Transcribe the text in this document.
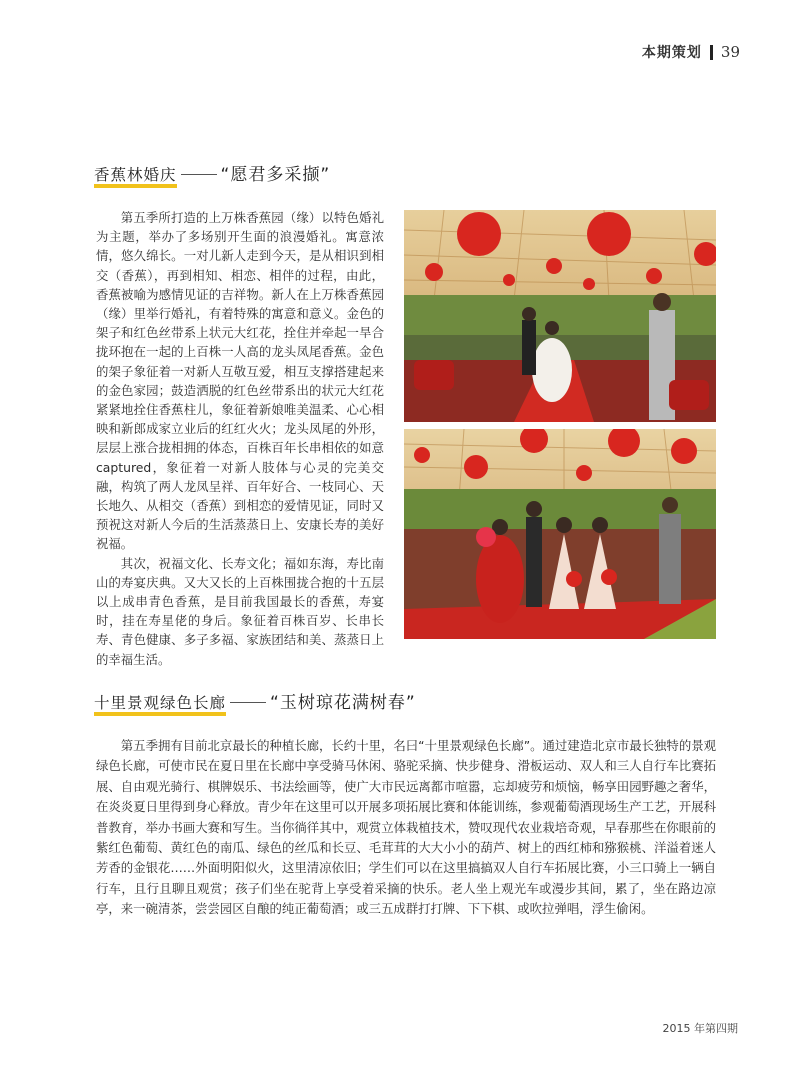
本期策划 39
香蕉林婚庆	“愿君多采撷”

第五季所打造的上万株香蕉园（缘）以特色婚礼为主题，举办了多场别开生面的浪漫婚礼。寓意浓情，悠久绵长。一对儿新人走到今天，是从相识到相交（香蕉），再到相知、相恋、相伴的过程，由此，香蕉被喻为感情见证的吉祥物。新人在上万株香蕉园（缘）里举行婚礼，有着特殊的寓意和意义。金色的架子和红色丝带系上状元大红花，拴住并牵起一旱合拢环抱在一起的上百株一人高的龙头凤尾香蕉。金色的架子象征着一对新人互敬互爱，相互支撑搭建起来的金色家园；鼓造洒脱的红色丝带系出的状元大红花紧紧地拴住香蕉柱儿，象征着新娘唯美温柔、心心相映和新郎成家立业后的红红火火；龙头凤尾的外形，层层上涨合拢相拥的体态，百株百年长串相依的如意captured，象征着一对新人肢体与心灵的完美交融，构筑了两人龙凤呈祥、百年好合、一枝同心、天长地久、从相交（香蕉）到相恋的爱情见证，同时又预祝这对新人今后的生活蒸蒸日上、安康长寿的美好祝福。

其次，祝福文化、长寿文化；福如东海，寿比南山的寿宴庆典。又大又长的上百株围拢合抱的十五层以上成串青色香蕉，是目前我国最长的香蕉，寿宴时，挂在寿星佬的身后。象征着百株百岁、长串长寿、青色健康、多子多福、家族团结和美、蒸蒸日上的幸福生活。

十里景观绿色长廊	“玉树琼花满树春”

第五季拥有目前北京最长的种植长廊，长约十里，名曰“十里景观绿色长廊”。通过建造北京市最长独特的景观绿色长廊，可使市民在夏日里在长廊中享受骑马休闲、骆驼采摘、快步健身、滑板运动、双人和三人自行车比赛拓展、自由观光骑行、棋牌娱乐、书法绘画等，使广大市民远离都市喧嚣，忘却疲劳和烦恼，畅享田园野趣之奢华，在炎炎夏日里得到身心释放。青少年在这里可以开展多项拓展比赛和体能训练，参观葡萄酒现场生产工艺，开展科普教育，举办书画大赛和写生。当你徜徉其中，观赏立体栽植技术，赞叹现代农业栽培奇观，早春那些在你眼前的紫红色葡萄、黄红色的南瓜、绿色的丝瓜和长豆、毛茸茸的大大小小的葫芦、树上的西红柿和猕猴桃、洋溢着迷人芳香的金银花……外面明阳似火，这里清凉依旧；学生们可以在这里搞搞双人自行车拓展比赛，小三口骑上一辆自行车，且行且聊且观赏；孩子们坐在驼背上享受着采摘的快乐。老人坐上观光车或漫步其间，累了，坐在路边凉亭，来一碗清茶，尝尝园区自酿的纯正葡萄酒；或三五成群打打牌、下下棋、或吹拉弹唱，浮生偷闲。

2015 年第四期
